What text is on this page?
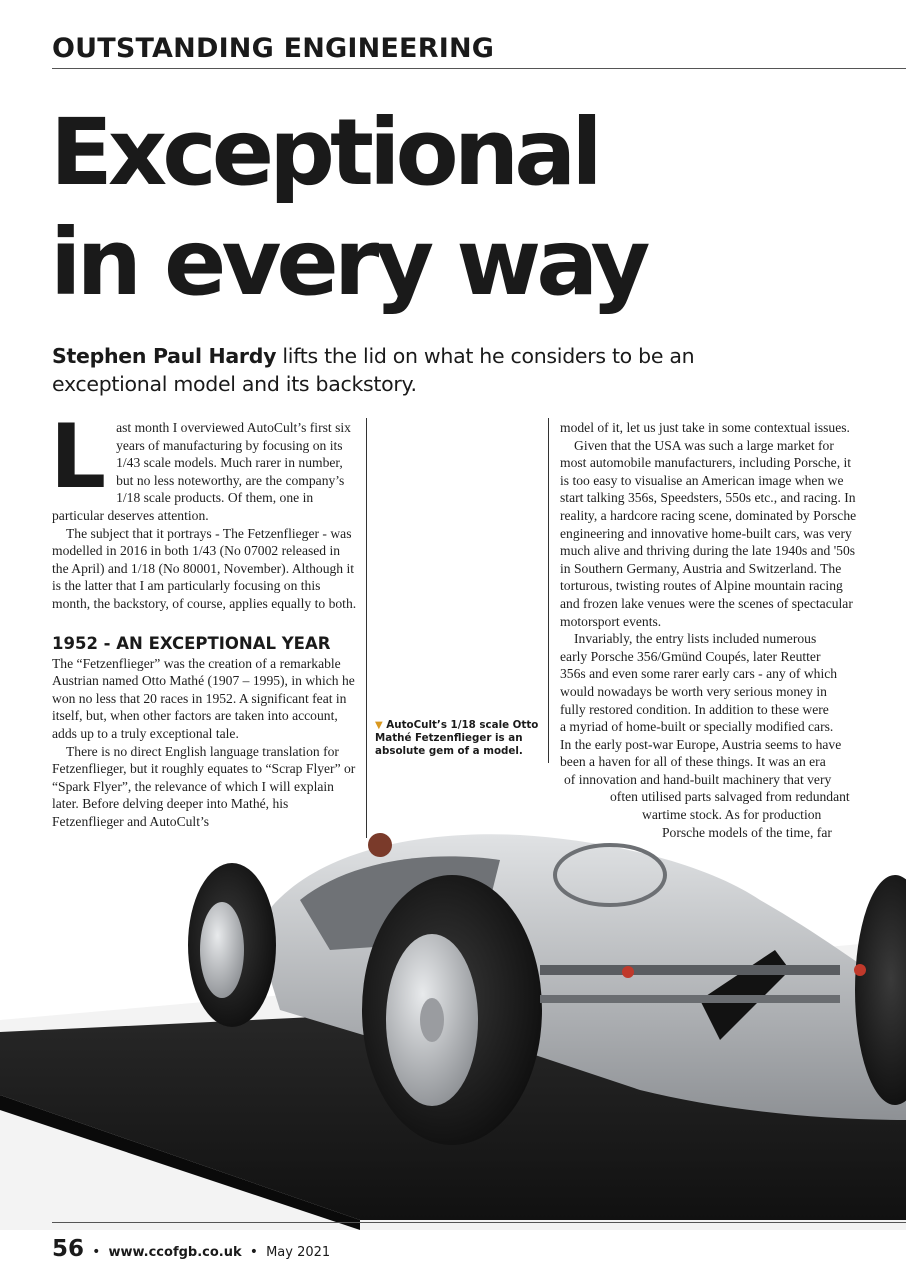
OUTSTANDING ENGINEERING
Exceptional
in every way
Stephen Paul Hardy lifts the lid on what he considers to be an exceptional model and its backstory.
L ast month I overviewed AutoCult’s first six years of manufacturing by focusing on its 1/43 scale models. Much rarer in number, but no less noteworthy, are the company’s 1/18 scale products. Of them, one in particular deserves attention.

The subject that it portrays - The Fetzenflieger - was modelled in 2016 in both 1/43 (No 07002 released in the April) and 1/18 (No 80001, November). Although it is the latter that I am particularly focusing on this month, the backstory, of course, applies equally to both.

1952 - AN EXCEPTIONAL YEAR

The “Fetzenflieger” was the creation of a remarkable Austrian named Otto Mathé (1907 – 1995), in which he won no less that 20 races in 1952. A significant feat in itself, but, when other factors are taken into account, adds up to a truly exceptional tale.

There is no direct English language translation for Fetzenflieger, but it roughly equates to “Scrap Flyer” or “Spark Flyer”, the relevance of which I will explain later. Before delving deeper into Mathé, his Fetzenflieger and AutoCult’s

▼ AutoCult’s 1/18 scale Otto Mathé Fetzenflieger is an absolute gem of a model.

model of it, let us just take in some contextual issues.

Given that the USA was such a large market for most automobile manufacturers, including Porsche, it is too easy to visualise an American image when we start talking 356s, Speedsters, 550s etc., and racing. In reality, a hardcore racing scene, dominated by Porsche engineering and innovative home-built cars, was very much alive and thriving during the late 1940s and '50s in Southern Germany, Austria and Switzerland. The torturous, twisting routes of Alpine mountain racing and frozen lake venues were the scenes of spectacular motorsport events.

Invariably, the entry lists included numerous
early Porsche 356/Gmünd Coupés, later Reutter
356s and even some rarer early cars - any of which
would nowadays be worth very serious money in
fully restored condition. In addition to these were
a myriad of home-built or specially modified cars.
In the early post-war Europe, Austria seems to have
been a haven for all of these things. It was an era
of innovation and hand-built machinery that very
often utilised parts salvaged from redundant
wartime stock. As for production
Porsche models of the time, far
56 • www.ccofgb.co.uk • May 2021
